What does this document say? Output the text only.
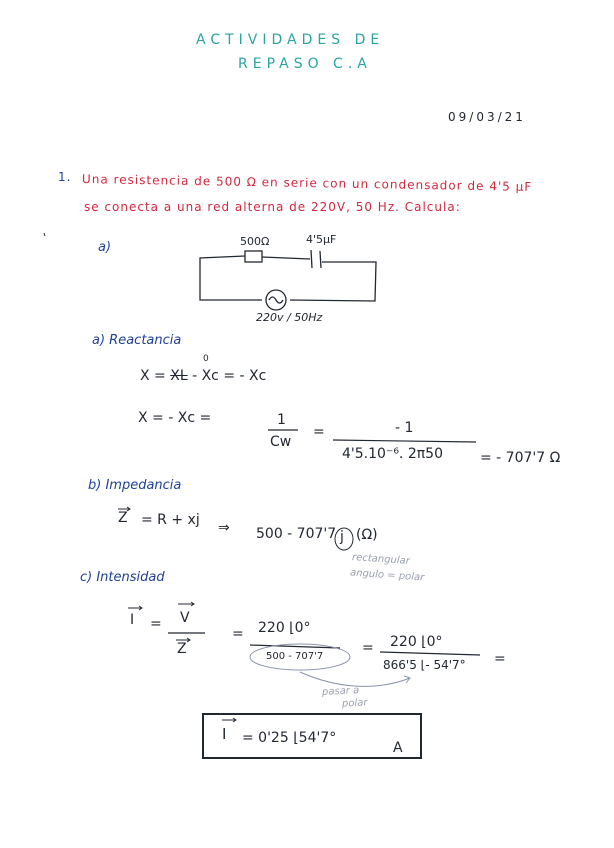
ACTIVIDADES DE
REPASO C.A
09/03/21
1. Una resistencia de 500 Ω en serie con un condensador de 4'5 μF
se conecta a una red alterna de 220V, 50 Hz. Calcula:
a)	500Ω	4'5μF
220v / 50Hz
a) Reactancia
0
X = XL - Xc = - Xc
X = - Xc =	1
Cw
=	- 1
4'5.10⁻⁶. 2π50	= - 707'7 Ω
b) Impedancia
Z = R + xj ⇒ 500 - 707'7 j (Ω)
rectangular
angulo = polar
c) Intensidad
I = V
Z
= 220 ⌊0°
500 - 707'7
= 220 ⌊0°
866'5 ⌊- 54'7° =
pasar a
polar
I = 0'25 ⌊54'7°
A
